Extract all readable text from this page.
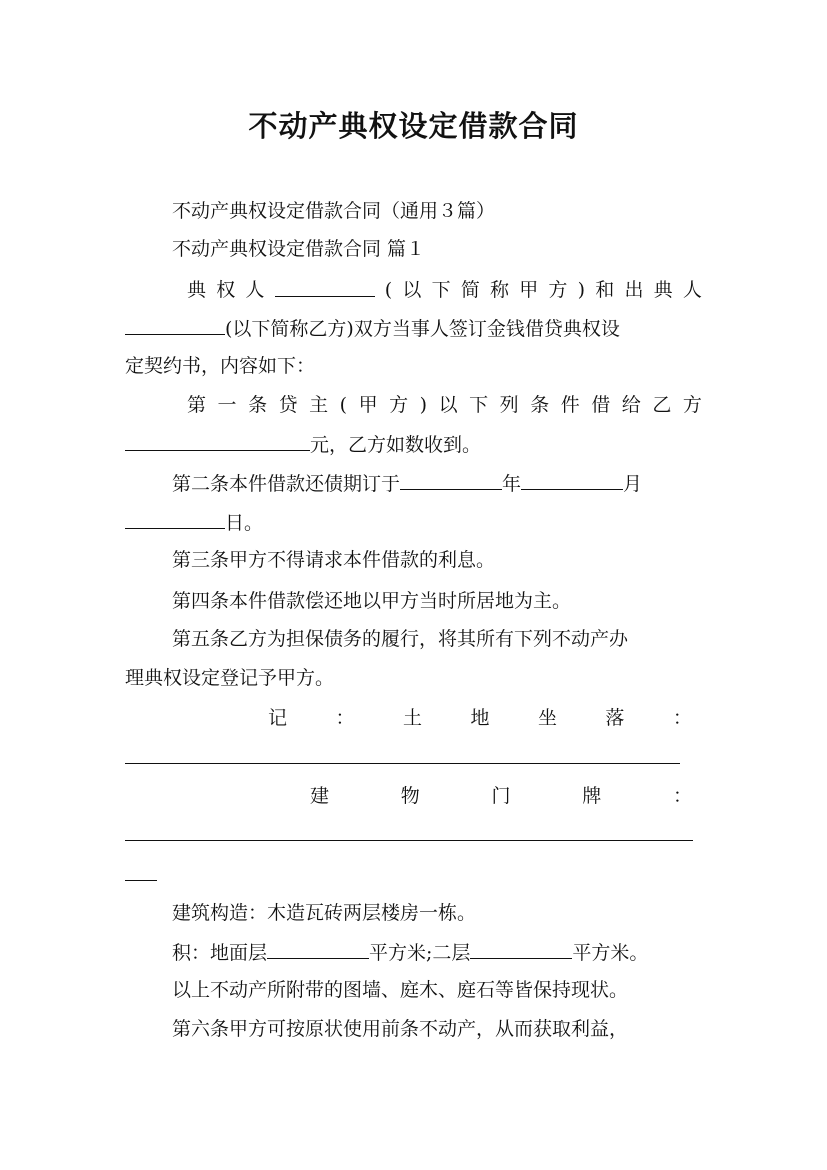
不动产典权设定借款合同
不动产典权设定借款合同（通用３篇）
不动产典权设定借款合同 篇１
典 权 人	( 以 下 简 称 甲 方 ) 和 出 典 人
(以下简称乙方)双方当事人签订金钱借贷典权设
定契约书，内容如下：
第 一 条 贷 主 ( 甲 方 ) 以 下 列 条 件 借 给 乙 方
元，乙方如数收到。
第二条本件借款还债期订于	年	月
日。
第三条甲方不得请求本件借款的利息。
第四条本件借款偿还地以甲方当时所居地为主。
第五条乙方为担保债务的履行，将其所有下列不动产办
理典权设定登记予甲方。
记	：	土	地	坐	落	：
建	物	门	牌	：
建筑构造：木造瓦砖两层楼房一栋。
积：地面层	平方米;二层	平方米。
以上不动产所附带的图墙、庭木、庭石等皆保持现状。
第六条甲方可按原状使用前条不动产，从而获取利益，
